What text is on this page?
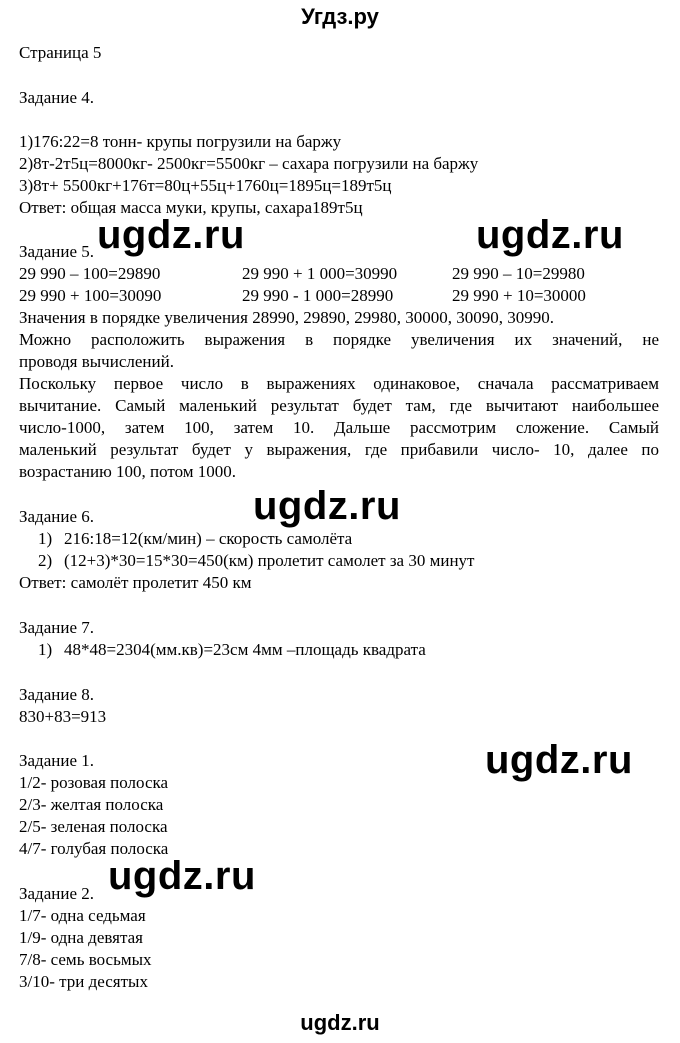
Угдз.ру
Страница 5
Задание 4.
1)176:22=8 тонн- крупы погрузили на баржу
2)8т-2т5ц=8000кг- 2500кг=5500кг – сахара погрузили на баржу
3)8т+ 5500кг+176т=80ц+55ц+1760ц=1895ц=189т5ц
Ответ: общая масса муки, крупы, сахара189т5ц
Задание 5.
29 990 – 100=29890	29 990 + 1 000=30990	29 990 – 10=29980
29 990 + 100=30090	29 990 - 1 000=28990	29 990 + 10=30000
Значения в порядке увеличения 28990, 29890, 29980, 30000, 30090, 30990.
Можно расположить выражения в порядке увеличения их значений, не
проводя вычислений.
Поскольку первое число в выражениях одинаковое, сначала рассматриваем
вычитание. Самый маленький результат будет там, где вычитают наибольшее
число-1000, затем 100, затем 10. Дальше рассмотрим сложение. Самый
маленький результат будет у выражения, где прибавили число- 10, далее по
возрастанию 100, потом 1000.
Задание 6.
1) 216:18=12(км/мин) – скорость самолёта
2) (12+3)*30=15*30=450(км) пролетит самолет за 30 минут
Ответ: самолёт пролетит 450 км
Задание 7.
1) 48*48=2304(мм.кв)=23см 4мм –площадь квадрата
Задание 8.
830+83=913
Задание 1.
1/2- розовая полоска
2/3- желтая полоска
2/5- зеленая полоска
4/7- голубая полоска
Задание 2.
1/7- одна седьмая
1/9- одна девятая
7/8- семь восьмых
3/10- три десятых
ugdz.ru	ugdz.ru
ugdz.ru
ugdz.ru
ugdz.ru
ugdz.ru
